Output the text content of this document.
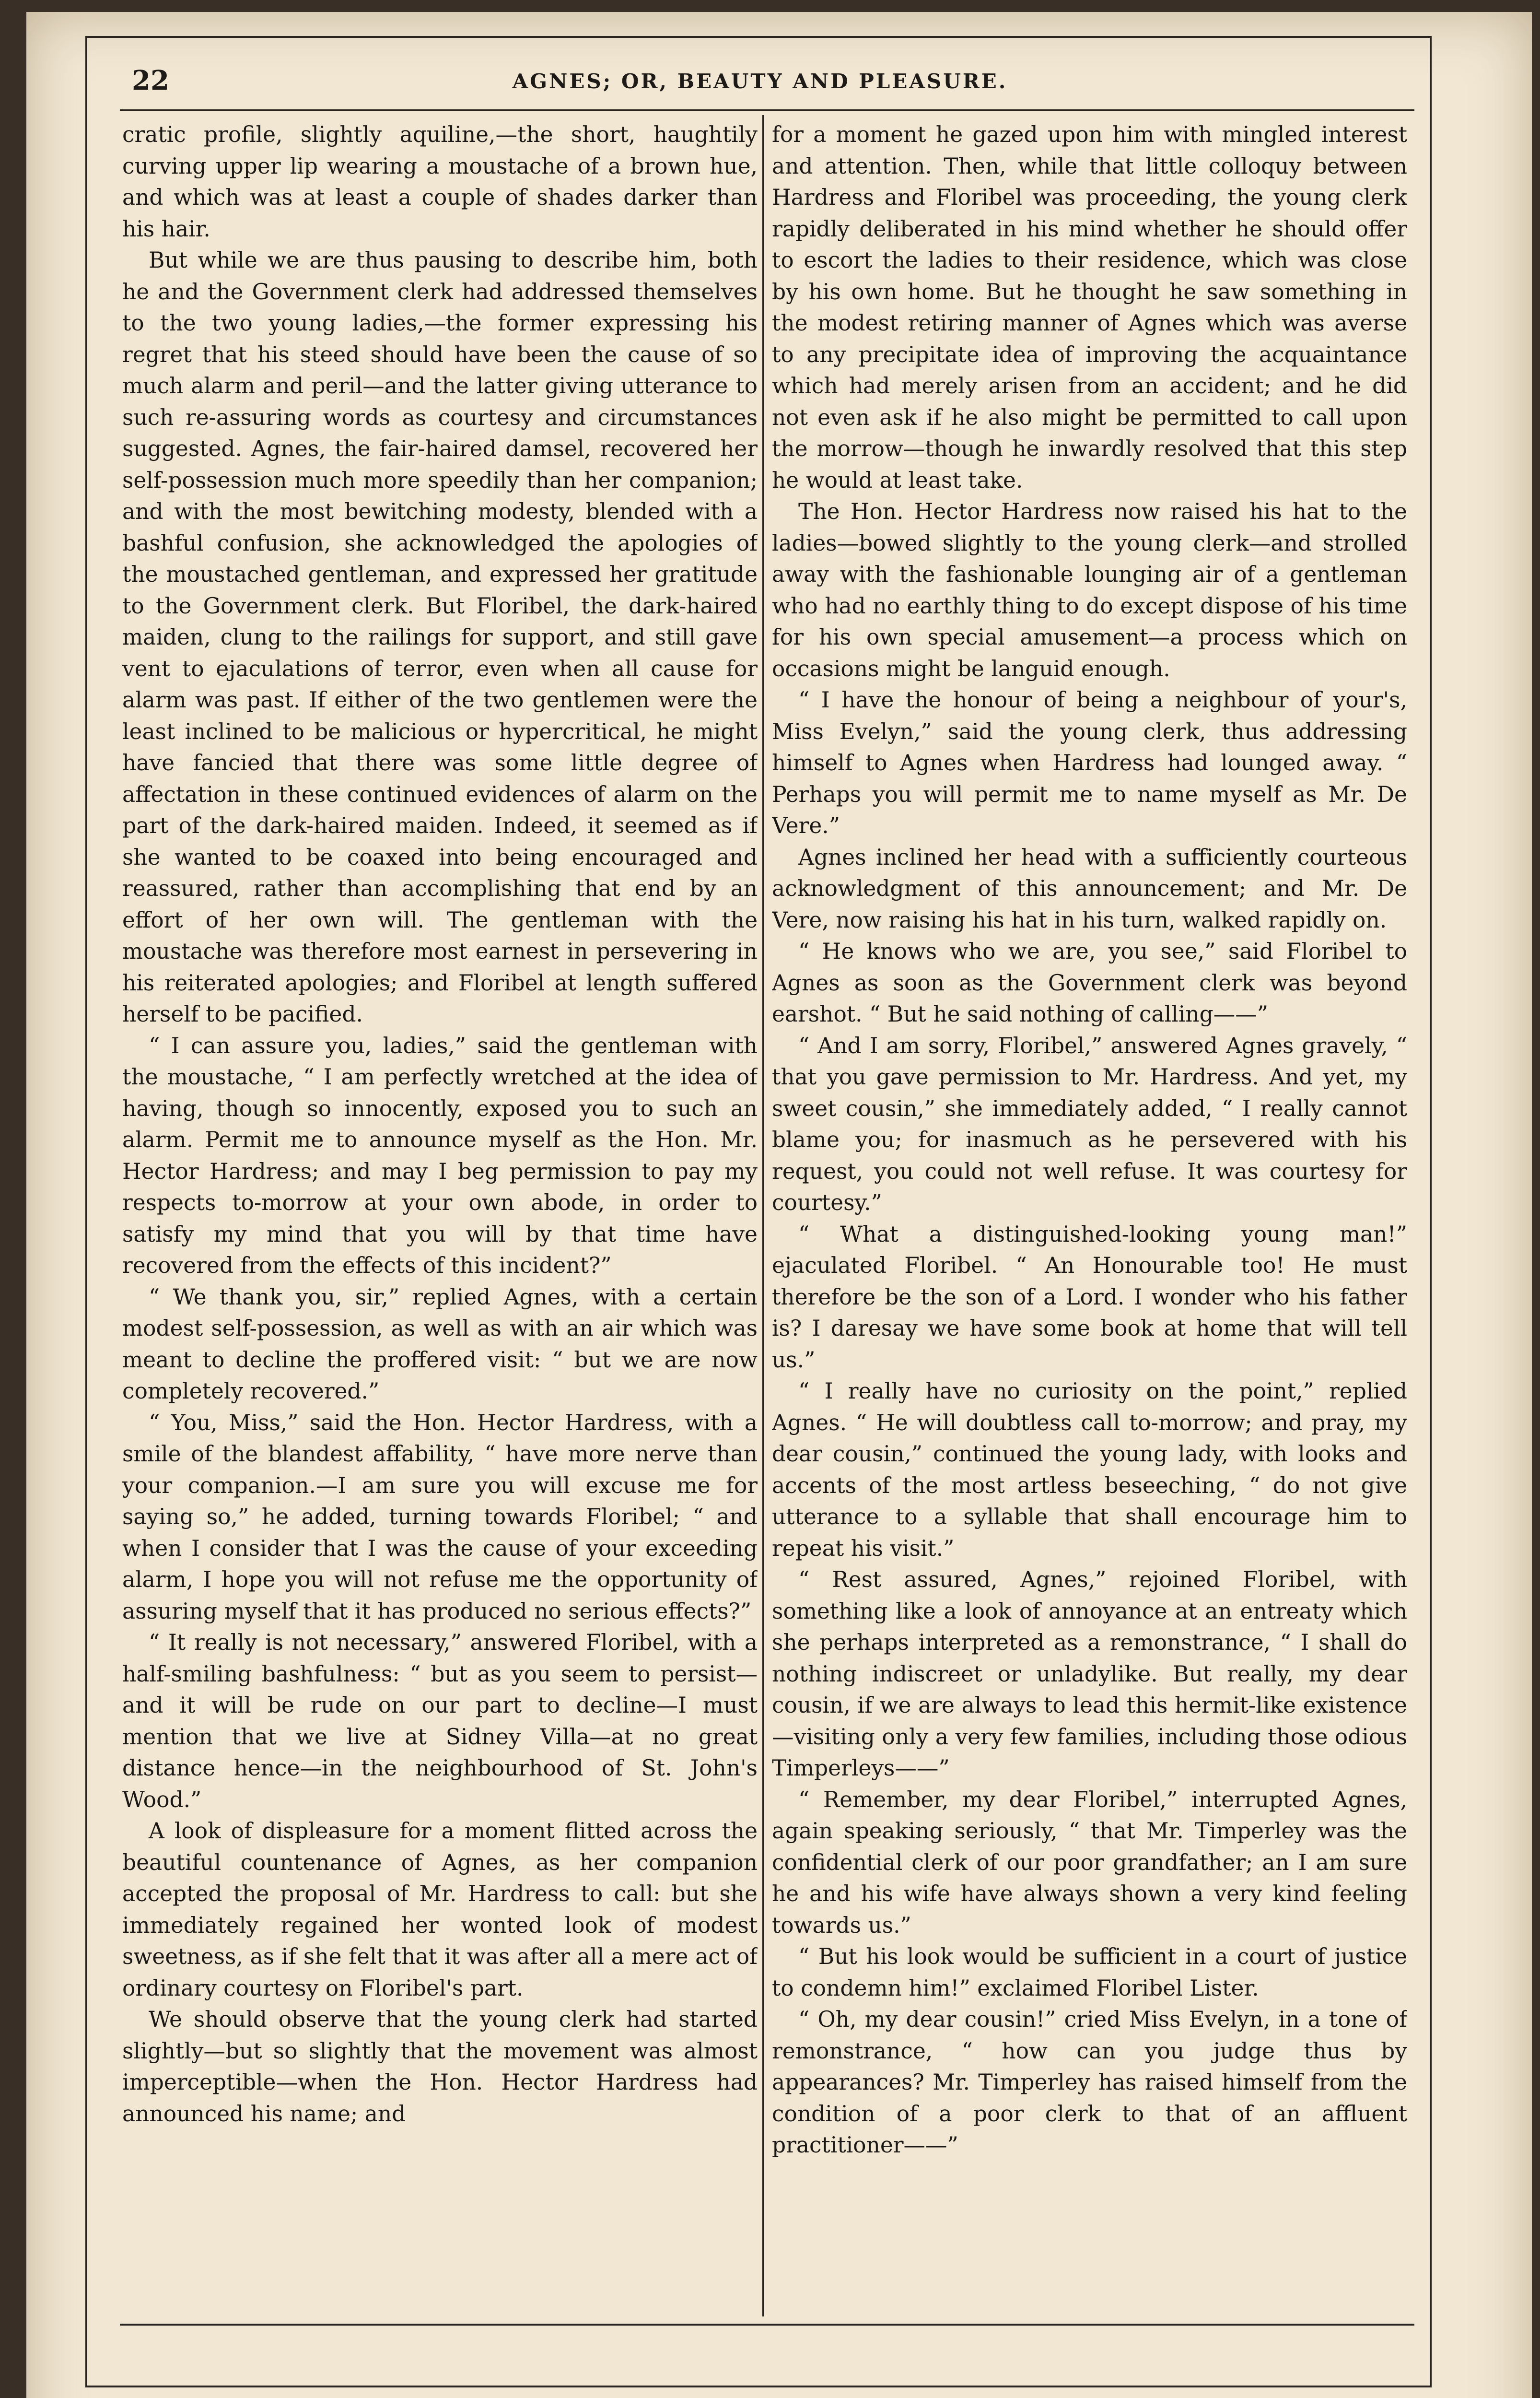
22	AGNES; OR, BEAUTY AND PLEASURE.

cratic profile, slightly aquiline,—the short, haughtily curving upper lip wearing a moustache of a brown hue, and which was at least a couple of shades darker than his hair.

But while we are thus pausing to describe him, both he and the Government clerk had addressed themselves to the two young ladies,—the former expressing his regret that his steed should have been the cause of so much alarm and peril—and the latter giving utterance to such re-assuring words as courtesy and circumstances suggested. Agnes, the fair-haired damsel, recovered her self-possession much more speedily than her companion; and with the most bewitching modesty, blended with a bashful confusion, she acknowledged the apologies of the moustached gentleman, and expressed her gratitude to the Government clerk. But Floribel, the dark-haired maiden, clung to the railings for support, and still gave vent to ejaculations of terror, even when all cause for alarm was past. If either of the two gentlemen were the least inclined to be malicious or hypercritical, he might have fancied that there was some little degree of affectation in these continued evidences of alarm on the part of the dark-haired maiden. Indeed, it seemed as if she wanted to be coaxed into being encouraged and reassured, rather than accomplishing that end by an effort of her own will. The gentleman with the moustache was therefore most earnest in persevering in his reiterated apologies; and Floribel at length suffered herself to be pacified.

“ I can assure you, ladies,” said the gentleman with the moustache, “ I am perfectly wretched at the idea of having, though so innocently, exposed you to such an alarm. Permit me to announce myself as the Hon. Mr. Hector Hardress; and may I beg permission to pay my respects to-morrow at your own abode, in order to satisfy my mind that you will by that time have recovered from the effects of this incident?”

“ We thank you, sir,” replied Agnes, with a certain modest self-possession, as well as with an air which was meant to decline the proffered visit: “ but we are now completely recovered.”

“ You, Miss,” said the Hon. Hector Hardress, with a smile of the blandest affability, “ have more nerve than your companion.—I am sure you will excuse me for saying so,” he added, turning towards Floribel; “ and when I consider that I was the cause of your exceeding alarm, I hope you will not refuse me the opportunity of assuring myself that it has produced no serious effects?”

“ It really is not necessary,” answered Floribel, with a half-smiling bashfulness: “ but as you seem to persist—and it will be rude on our part to decline—I must mention that we live at Sidney Villa—at no great distance hence—in the neighbourhood of St. John's Wood.”

A look of displeasure for a moment flitted across the beautiful countenance of Agnes, as her companion accepted the proposal of Mr. Hardress to call: but she immediately regained her wonted look of modest sweetness, as if she felt that it was after all a mere act of ordinary courtesy on Floribel's part.

We should observe that the young clerk had started slightly—but so slightly that the movement was almost imperceptible—when the Hon. Hector Hardress had announced his name; and

for a moment he gazed upon him with mingled interest and attention. Then, while that little colloquy between Hardress and Floribel was proceeding, the young clerk rapidly deliberated in his mind whether he should offer to escort the ladies to their residence, which was close by his own home. But he thought he saw something in the modest retiring manner of Agnes which was averse to any precipitate idea of improving the acquaintance which had merely arisen from an accident; and he did not even ask if he also might be permitted to call upon the morrow—though he inwardly resolved that this step he would at least take.

The Hon. Hector Hardress now raised his hat to the ladies—bowed slightly to the young clerk—and strolled away with the fashionable lounging air of a gentleman who had no earthly thing to do except dispose of his time for his own special amusement—a process which on occasions might be languid enough.

“ I have the honour of being a neighbour of your's, Miss Evelyn,” said the young clerk, thus addressing himself to Agnes when Hardress had lounged away. “ Perhaps you will permit me to name myself as Mr. De Vere.”

Agnes inclined her head with a sufficiently courteous acknowledgment of this announcement; and Mr. De Vere, now raising his hat in his turn, walked rapidly on.

“ He knows who we are, you see,” said Floribel to Agnes as soon as the Government clerk was beyond earshot. “ But he said nothing of calling——”

“ And I am sorry, Floribel,” answered Agnes gravely, “ that you gave permission to Mr. Hardress. And yet, my sweet cousin,” she immediately added, “ I really cannot blame you; for inasmuch as he persevered with his request, you could not well refuse. It was courtesy for courtesy.”

“ What a distinguished-looking young man!” ejaculated Floribel. “ An Honourable too! He must therefore be the son of a Lord. I wonder who his father is? I daresay we have some book at home that will tell us.”

“ I really have no curiosity on the point,” replied Agnes. “ He will doubtless call to-morrow; and pray, my dear cousin,” continued the young lady, with looks and accents of the most artless beseeching, “ do not give utterance to a syllable that shall encourage him to repeat his visit.”

“ Rest assured, Agnes,” rejoined Floribel, with something like a look of annoyance at an entreaty which she perhaps interpreted as a remonstrance, “ I shall do nothing indiscreet or unladylike. But really, my dear cousin, if we are always to lead this hermit-like existence—visiting only a very few families, including those odious Timperleys——”

“ Remember, my dear Floribel,” interrupted Agnes, again speaking seriously, “ that Mr. Timperley was the confidential clerk of our poor grandfather; an I am sure he and his wife have always shown a very kind feeling towards us.”

“ But his look would be sufficient in a court of justice to condemn him!” exclaimed Floribel Lister.

“ Oh, my dear cousin!” cried Miss Evelyn, in a tone of remonstrance, “ how can you judge thus by appearances? Mr. Timperley has raised himself from the condition of a poor clerk to that of an affluent practitioner——”
